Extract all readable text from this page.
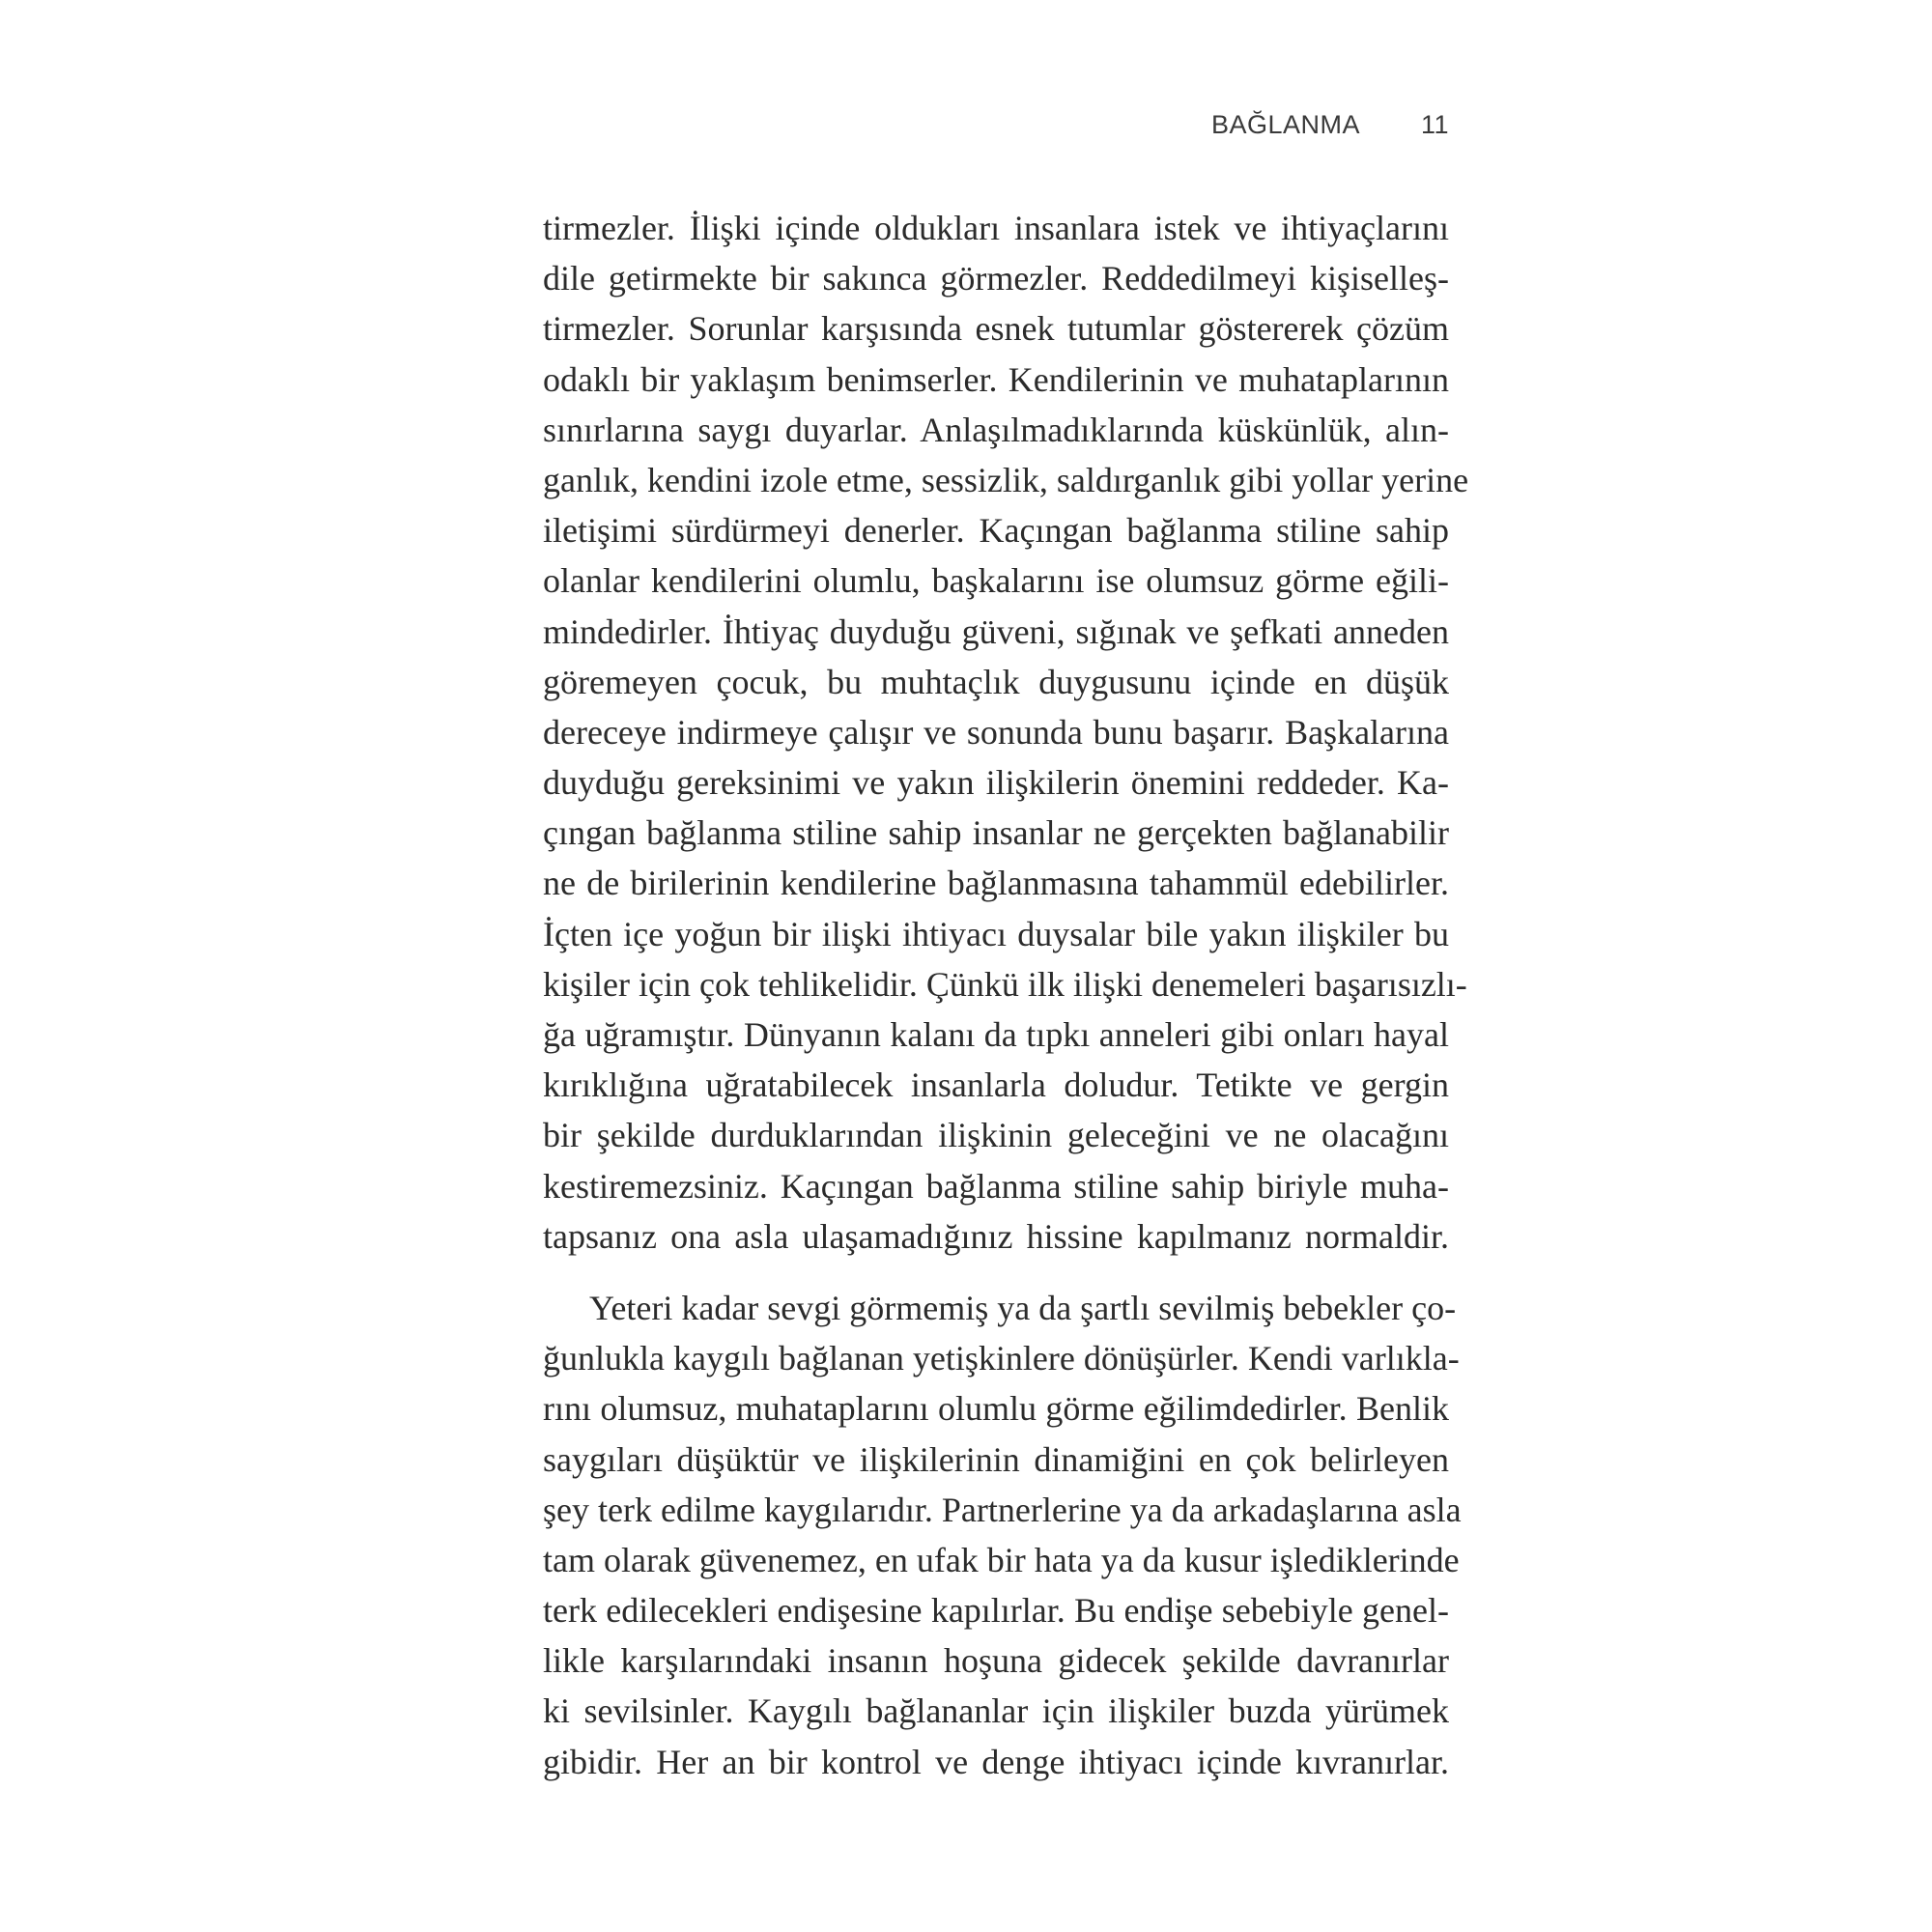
BAĞLANMA 11
tirmezler. İlişki içinde oldukları insanlara istek ve ihtiyaçlarını
dile getirmekte bir sakınca görmezler. Reddedilmeyi kişiselleş-
tirmezler. Sorunlar karşısında esnek tutumlar göstererek çözüm
odaklı bir yaklaşım benimserler. Kendilerinin ve muhataplarının
sınırlarına saygı duyarlar. Anlaşılmadıklarında küskünlük, alın-
ganlık, kendini izole etme, sessizlik, saldırganlık gibi yollar yerine
iletişimi sürdürmeyi denerler. Kaçıngan bağlanma stiline sahip
olanlar kendilerini olumlu, başkalarını ise olumsuz görme eğili-
mindedirler. İhtiyaç duyduğu güveni, sığınak ve şefkati anneden
göremeyen çocuk, bu muhtaçlık duygusunu içinde en düşük
dereceye indirmeye çalışır ve sonunda bunu başarır. Başkalarına
duyduğu gereksinimi ve yakın ilişkilerin önemini reddeder. Ka-
çıngan bağlanma stiline sahip insanlar ne gerçekten bağlanabilir
ne de birilerinin kendilerine bağlanmasına tahammül edebilirler.
İçten içe yoğun bir ilişki ihtiyacı duysalar bile yakın ilişkiler bu
kişiler için çok tehlikelidir. Çünkü ilk ilişki denemeleri başarısızlı-
ğa uğramıştır. Dünyanın kalanı da tıpkı anneleri gibi onları hayal
kırıklığına uğratabilecek insanlarla doludur. Tetikte ve gergin
bir şekilde durduklarından ilişkinin geleceğini ve ne olacağını
kestiremezsiniz. Kaçıngan bağlanma stiline sahip biriyle muha-
tapsanız ona asla ulaşamadığınız hissine kapılmanız normaldir.
Yeteri kadar sevgi görmemiş ya da şartlı sevilmiş bebekler ço-
ğunlukla kaygılı bağlanan yetişkinlere dönüşürler. Kendi varlıkla-
rını olumsuz, muhataplarını olumlu görme eğilimdedirler. Benlik
saygıları düşüktür ve ilişkilerinin dinamiğini en çok belirleyen
şey terk edilme kaygılarıdır. Partnerlerine ya da arkadaşlarına asla
tam olarak güvenemez, en ufak bir hata ya da kusur işlediklerinde
terk edilecekleri endişesine kapılırlar. Bu endişe sebebiyle genel-
likle karşılarındaki insanın hoşuna gidecek şekilde davranırlar
ki sevilsinler. Kaygılı bağlananlar için ilişkiler buzda yürümek
gibidir. Her an bir kontrol ve denge ihtiyacı içinde kıvranırlar.
